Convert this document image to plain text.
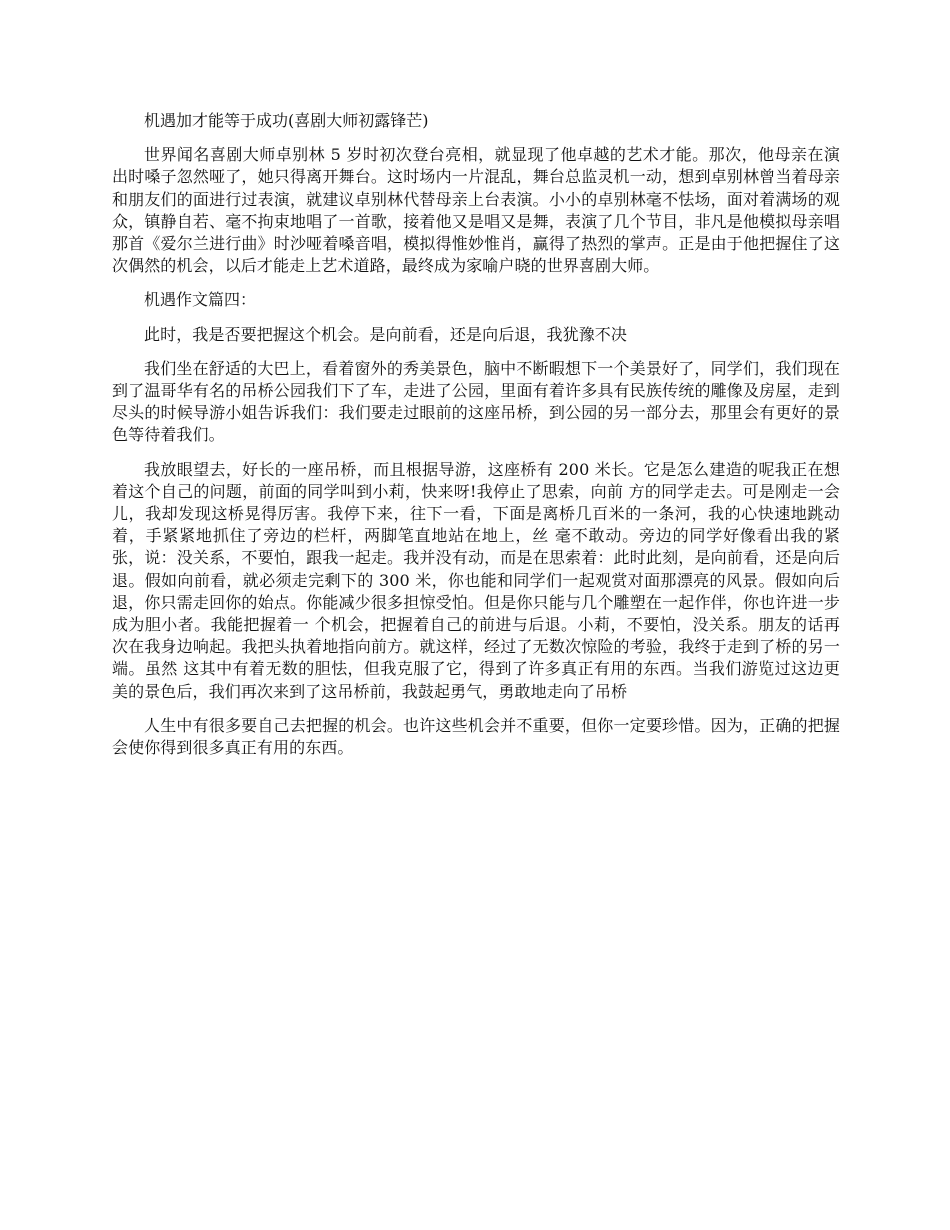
机遇加才能等于成功(喜剧大师初露锋芒)

世界闻名喜剧大师卓别林 5 岁时初次登台亮相，就显现了他卓越的艺术才能。那次，他母亲在演出时嗓子忽然哑了，她只得离开舞台。这时场内一片混乱，舞台总监灵机一动，想到卓别林曾当着母亲和朋友们的面进行过表演，就建议卓别林代替母亲上台表演。小小的卓别林毫不怯场，面对着满场的观众，镇静自若、毫不拘束地唱了一首歌，接着他又是唱又是舞，表演了几个节目，非凡是他模拟母亲唱那首《爱尔兰进行曲》时沙哑着嗓音唱，模拟得惟妙惟肖，赢得了热烈的掌声。正是由于他把握住了这次偶然的机会，以后才能走上艺术道路，最终成为家喻户晓的世界喜剧大师。

机遇作文篇四：

此时，我是否要把握这个机会。是向前看，还是向后退，我犹豫不决

我们坐在舒适的大巴上，看着窗外的秀美景色，脑中不断暇想下一个美景好了，同学们，我们现在到了温哥华有名的吊桥公园我们下了车，走进了公园，里面有着许多具有民族传统的雕像及房屋，走到尽头的时候导游小姐告诉我们：我们要走过眼前的这座吊桥，到公园的另一部分去，那里会有更好的景色等待着我们。

我放眼望去，好长的一座吊桥，而且根据导游，这座桥有 200 米长。它是怎么建造的呢我正在想着这个自己的问题，前面的同学叫到小莉，快来呀!我停止了思索，向前 方的同学走去。可是刚走一会儿，我却发现这桥晃得厉害。我停下来，往下一看，下面是离桥几百米的一条河，我的心快速地跳动着，手紧紧地抓住了旁边的栏杆，两脚笔直地站在地上，丝 毫不敢动。旁边的同学好像看出我的紧张，说：没关系，不要怕，跟我一起走。我并没有动，而是在思索着：此时此刻，是向前看，还是向后退。假如向前看，就必须走完剩下的 300 米，你也能和同学们一起观赏对面那漂亮的风景。假如向后退，你只需走回你的始点。你能减少很多担惊受怕。但是你只能与几个雕塑在一起作伴，你也许进一步成为胆小者。我能把握着一 个机会，把握着自己的前进与后退。小莉，不要怕，没关系。朋友的话再次在我身边响起。我把头执着地指向前方。就这样，经过了无数次惊险的考验，我终于走到了桥的另一端。虽然 这其中有着无数的胆怯，但我克服了它，得到了许多真正有用的东西。当我们游览过这边更美的景色后，我们再次来到了这吊桥前，我鼓起勇气，勇敢地走向了吊桥

人生中有很多要自己去把握的机会。也许这些机会并不重要，但你一定要珍惜。因为，正确的把握会使你得到很多真正有用的东西。
